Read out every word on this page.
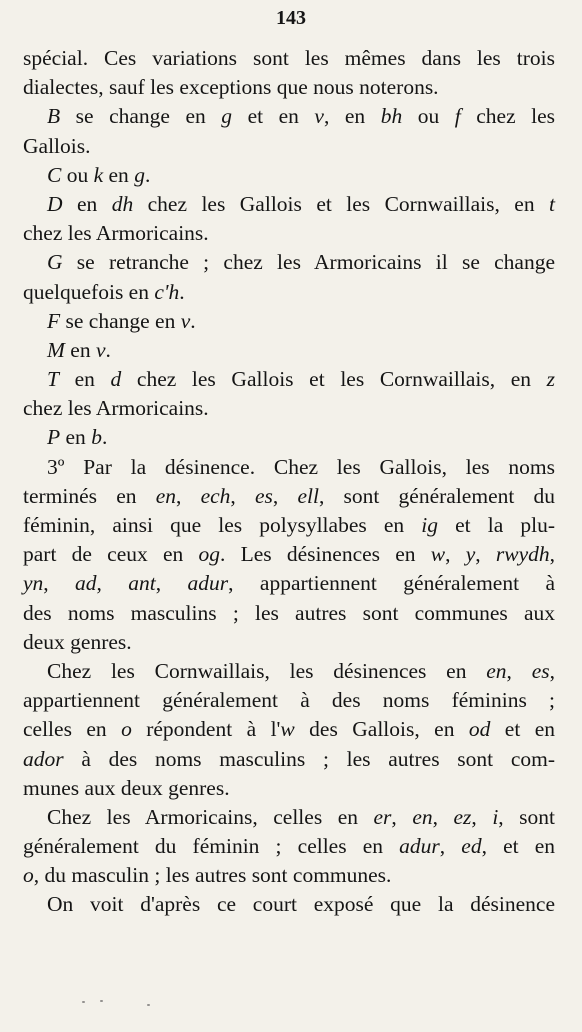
143
spécial. Ces variations sont les mêmes dans les trois
dialectes, sauf les exceptions que nous noterons.
B se change en g et en v, en bh ou f chez les
Gallois.
C ou k en g.
D en dh chez les Gallois et les Cornwaillais, en t
chez les Armoricains.
G se retranche ; chez les Armoricains il se change
quelquefois en c'h.
F se change en v.
M en v.
T en d chez les Gallois et les Cornwaillais, en z
chez les Armoricains.
P en b.
3º Par la désinence. Chez les Gallois, les noms
terminés en en, ech, es, ell, sont généralement du
féminin, ainsi que les polysyllabes en ig et la plu-
part de ceux en og. Les désinences en w, y, rwydh,
yn, ad, ant, adur, appartiennent généralement à
des noms masculins ; les autres sont communes aux
deux genres.
Chez les Cornwaillais, les désinences en en, es,
appartiennent généralement à des noms féminins ;
celles en o répondent à l'w des Gallois, en od et en
ador à des noms masculins ; les autres sont com-
munes aux deux genres.
Chez les Armoricains, celles en er, en, ez, i, sont
généralement du féminin ; celles en adur, ed, et en
o, du masculin ; les autres sont communes.
On voit d'après ce court exposé que la désinence
